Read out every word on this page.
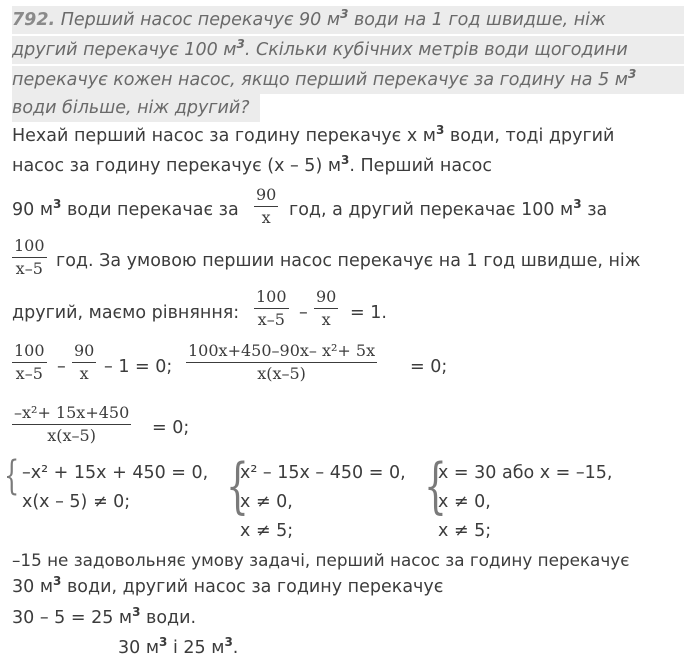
792. Перший насос перекачує 90 $м^3$ води на 1 год швидше, ніж
другий перекачує 100 $м^3$. Скільки кубічних метрів води щогодини
перекачує кожен насос, якщо перший перекачує за годину на 5 $м^3$
води більше, ніж другий?
Нехай перший насос за годину перекачує x $м^3$ води, тоді другий
насос за годину перекачує (x – 5) $м^3$. Перший насос
90 $м^3$ води перекачає за $\frac{90}{x}$ год, а другий перекачає 100 $м^3$ за
$\frac{100}{x-5}$ год. За умовою першии насос перекачує на 1 год швидше, ніж
другий, маємо рівняння: $\frac{100}{x-5} - \frac{90}{x} = 1$.
$\frac{100}{x-5} - \frac{90}{x} - 1 = 0$; $\frac{\text{100x+450–90x– x²+ 5x}}{x(x-5)} = 0$;
$\frac{\text{–x²+ 15x+450}}{x(x-5)} = 0$;
{ –x² + 15x + 450 = 0,
x(x – 5) ≠ 0; {
x² – 15x – 450 = 0,
x ≠ 0,
x ≠ 5;
{
x = 30 або x = –15,
x ≠ 0,
x ≠ 5;
–15 не задовольняє умову задачі, перший насос за годину перекачує
30 $м^3$ води, другий насос за годину перекачує
30 – 5 = 25 $м^3$ води.
30 $м^3$ і 25 $м^3$.
